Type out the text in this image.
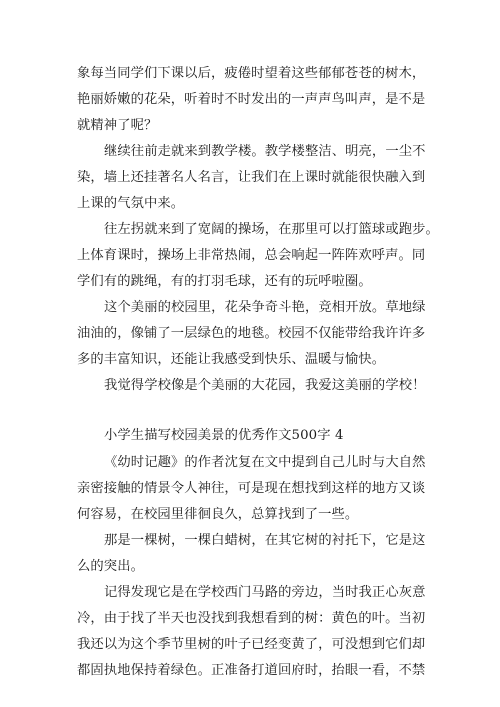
象每当同学们下课以后，疲倦时望着这些郁郁苍苍的树木，
艳丽娇嫩的花朵，听着时不时发出的一声声鸟叫声，是不是
就精神了呢？
继续往前走就来到教学楼。教学楼整洁、明亮，一尘不
染，墙上还挂著名人名言，让我们在上课时就能很快融入到
上课的气氛中来。
往左拐就来到了宽阔的操场，在那里可以打篮球或跑步。
上体育课时，操场上非常热闹，总会响起一阵阵欢呼声。同
学们有的跳绳，有的打羽毛球，还有的玩呼啦圈。
这个美丽的校园里，花朵争奇斗艳，竞相开放。草地绿
油油的，像铺了一层绿色的地毯。校园不仅能带给我许许多
多的丰富知识，还能让我感受到快乐、温暖与愉快。
我觉得学校像是个美丽的大花园，我爱这美丽的学校！
小学生描写校园美景的优秀作文500字 4
《幼时记趣》的作者沈复在文中提到自己儿时与大自然
亲密接触的情景令人神往，可是现在想找到这样的地方又谈
何容易，在校园里徘徊良久，总算找到了一些。
那是一棵树，一棵白蜡树，在其它树的衬托下，它是这
么的突出。
记得发现它是在学校西门马路的旁边，当时我正心灰意
冷，由于找了半天也没找到我想看到的树：黄色的叶。当初
我还以为这个季节里树的叶子已经变黄了，可没想到它们却
都固执地保持着绿色。正准备打道回府时，抬眼一看，不禁
